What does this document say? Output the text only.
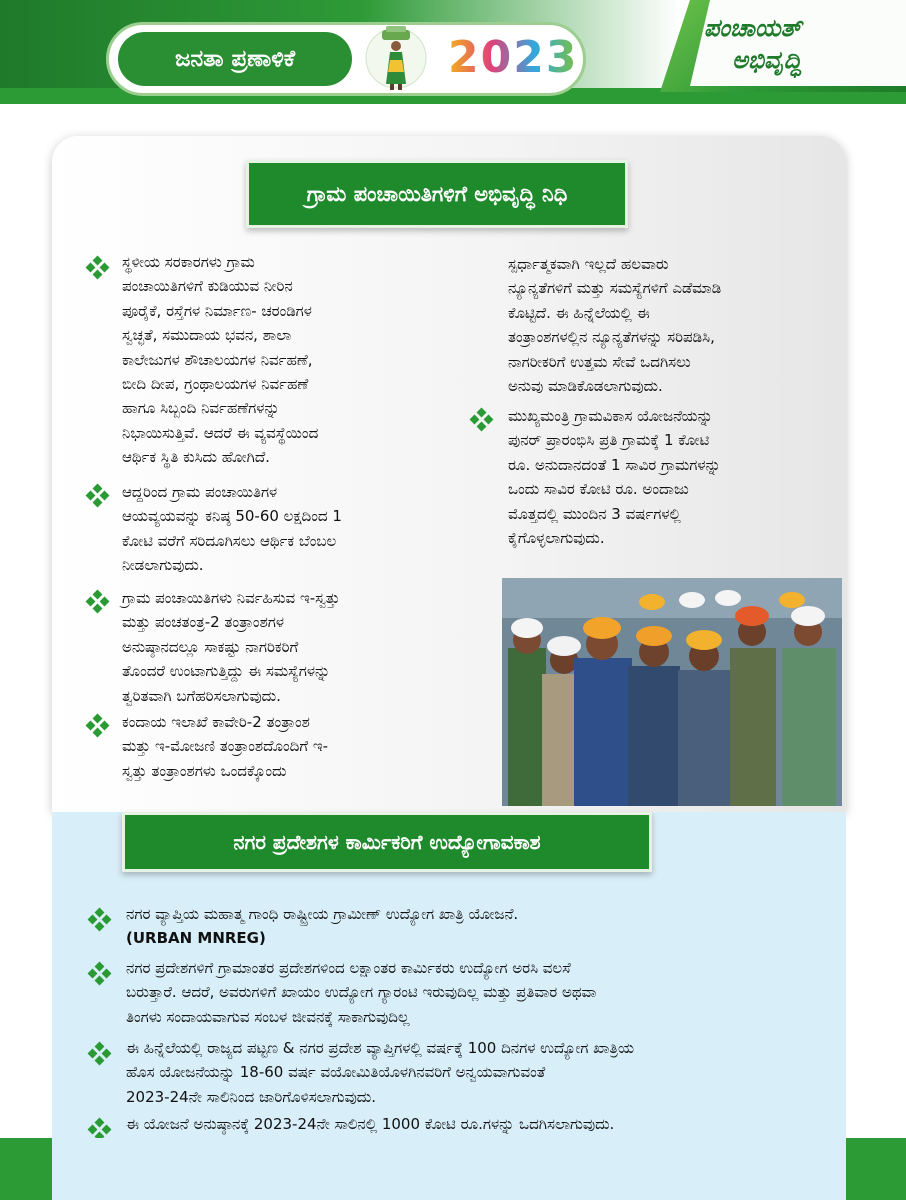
ಜನತಾ ಪ್ರಣಾಳಿಕೆ	2023
ಪಂಚಾಯತ್
ಅಭಿವೃದ್ಧಿ
ಗ್ರಾಮ ಪಂಚಾಯಿತಿಗಳಿಗೆ ಅಭಿವೃದ್ಧಿ ನಿಧಿ
ಸ್ಥಳೀಯ ಸರಕಾರಗಳು ಗ್ರಾಮ
ಪಂಚಾಯಿತಿಗಳಿಗೆ ಕುಡಿಯುವ ನೀರಿನ
ಪೂರೈಕೆ, ರಸ್ತೆಗಳ ನಿರ್ಮಾಣ- ಚರಂಡಿಗಳ
ಸ್ವಚ್ಛತೆ, ಸಮುದಾಯ ಭವನ, ಶಾಲಾ
ಕಾಲೇಜುಗಳ ಶೌಚಾಲಯಗಳ ನಿರ್ವಹಣೆ,
ಬೀದಿ ದೀಪ, ಗ್ರಂಥಾಲಯಗಳ ನಿರ್ವಹಣೆ
ಹಾಗೂ ಸಿಬ್ಬಂದಿ ನಿರ್ವಹಣೆಗಳನ್ನು
ನಿಭಾಯಿಸುತ್ತಿವೆ. ಆದರೆ ಈ ವ್ಯವಸ್ಥೆಯಿಂದ
ಆರ್ಥಿಕ ಸ್ಥಿತಿ ಕುಸಿದು ಹೋಗಿದೆ.
ಆದ್ದರಿಂದ ಗ್ರಾಮ ಪಂಚಾಯಿತಿಗಳ
ಆಯವ್ಯಯವನ್ನು ಕನಿಷ್ಠ 50-60 ಲಕ್ಷದಿಂದ 1
ಕೋಟಿ ವರೆಗೆ ಸರಿದೂಗಿಸಲು ಆರ್ಥಿಕ ಬೆಂಬಲ
ನೀಡಲಾಗುವುದು.
ಗ್ರಾಮ ಪಂಚಾಯಿತಿಗಳು ನಿರ್ವಹಿಸುವ ಇ-ಸ್ವತ್ತು
ಮತ್ತು ಪಂಚತಂತ್ರ-2 ತಂತ್ರಾಂಶಗಳ
ಅನುಷ್ಠಾನದಲ್ಲೂ ಸಾಕಷ್ಟು ನಾಗರಿಕರಿಗೆ
ತೊಂದರೆ ಉಂಟಾಗುತ್ತಿದ್ದು ಈ ಸಮಸ್ಯೆಗಳನ್ನು
ತ್ವರಿತವಾಗಿ ಬಗೆಹರಿಸಲಾಗುವುದು.
ಕಂದಾಯ ಇಲಾಖೆ ಕಾವೇರಿ-2 ತಂತ್ರಾಂಶ
ಮತ್ತು ಇ-ಮೋಜಣಿ ತಂತ್ರಾಂಶದೊಂದಿಗೆ ಇ-
ಸ್ವತ್ತು ತಂತ್ರಾಂಶಗಳು ಒಂದಕ್ಕೊಂದು
ಸ್ಪರ್ಧಾತ್ಮಕವಾಗಿ ಇಲ್ಲದೆ ಹಲವಾರು
ನ್ಯೂನ್ಯತೆಗಳಿಗೆ ಮತ್ತು ಸಮಸ್ಯೆಗಳಿಗೆ ಎಡೆಮಾಡಿ
ಕೊಟ್ಟಿದೆ. ಈ ಹಿನ್ನೆಲೆಯಲ್ಲಿ ಈ
ತಂತ್ರಾಂಶಗಳಲ್ಲಿನ ನ್ಯೂನ್ಯತೆಗಳನ್ನು ಸರಿಪಡಿಸಿ,
ನಾಗರೀಕರಿಗೆ ಉತ್ತಮ ಸೇವೆ ಒದಗಿಸಲು
ಅನುವು ಮಾಡಿಕೊಡಲಾಗುವುದು.
ಮುಖ್ಯಮಂತ್ರಿ ಗ್ರಾಮವಿಕಾಸ ಯೋಜನೆಯನ್ನು
ಪುನರ್ ಪ್ರಾರಂಭಿಸಿ ಪ್ರತಿ ಗ್ರಾಮಕ್ಕೆ 1 ಕೋಟಿ
ರೂ. ಅನುದಾನದಂತೆ 1 ಸಾವಿರ ಗ್ರಾಮಗಳನ್ನು
ಒಂದು ಸಾವಿರ ಕೋಟಿ ರೂ. ಅಂದಾಜು
ಮೊತ್ತದಲ್ಲಿ ಮುಂದಿನ 3 ವರ್ಷಗಳಲ್ಲಿ
ಕೈಗೊಳ್ಳಲಾಗುವುದು.
ನಗರ ಪ್ರದೇಶಗಳ ಕಾರ್ಮಿಕರಿಗೆ ಉದ್ಯೋಗಾವಕಾಶ
ನಗರ ವ್ಯಾಪ್ತಿಯ ಮಹಾತ್ಮ ಗಾಂಧಿ ರಾಷ್ಟ್ರೀಯ ಗ್ರಾಮೀಣ್ ಉದ್ಯೋಗ ಖಾತ್ರಿ ಯೋಜನೆ.
(URBAN MNREG)
ನಗರ ಪ್ರದೇಶಗಳಿಗೆ ಗ್ರಾಮಾಂತರ ಪ್ರದೇಶಗಳಿಂದ ಲಕ್ಷಾಂತರ ಕಾರ್ಮಿಕರು ಉದ್ಯೋಗ ಅರಸಿ ವಲಸೆ
ಬರುತ್ತಾರೆ. ಆದರೆ, ಅವರುಗಳಿಗೆ ಖಾಯಂ ಉದ್ಯೋಗ ಗ್ಯಾರಂಟಿ ಇರುವುದಿಲ್ಲ ಮತ್ತು ಪ್ರತಿವಾರ ಅಥವಾ
ತಿಂಗಳು ಸಂದಾಯವಾಗುವ ಸಂಬಳ ಜೀವನಕ್ಕೆ ಸಾಕಾಗುವುದಿಲ್ಲ
ಈ ಹಿನ್ನೆಲೆಯಲ್ಲಿ ರಾಜ್ಯದ ಪಟ್ಟಣ & ನಗರ ಪ್ರದೇಶ ವ್ಯಾಪ್ತಿಗಳಲ್ಲಿ ವರ್ಷಕ್ಕೆ 100 ದಿನಗಳ ಉದ್ಯೋಗ ಖಾತ್ರಿಯ
ಹೊಸ ಯೋಜನೆಯನ್ನು 18-60 ವರ್ಷ ವಯೋಮಿತಿಯೊಳಗಿನವರಿಗೆ ಅನ್ವಯವಾಗುವಂತೆ
2023-24ನೇ ಸಾಲಿನಿಂದ ಜಾರಿಗೊಳಿಸಲಾಗುವುದು.
ಈ ಯೋಜನೆ ಅನುಷ್ಠಾನಕ್ಕೆ 2023-24ನೇ ಸಾಲಿನಲ್ಲಿ 1000 ಕೋಟಿ ರೂ.ಗಳನ್ನು ಒದಗಿಸಲಾಗುವುದು.
